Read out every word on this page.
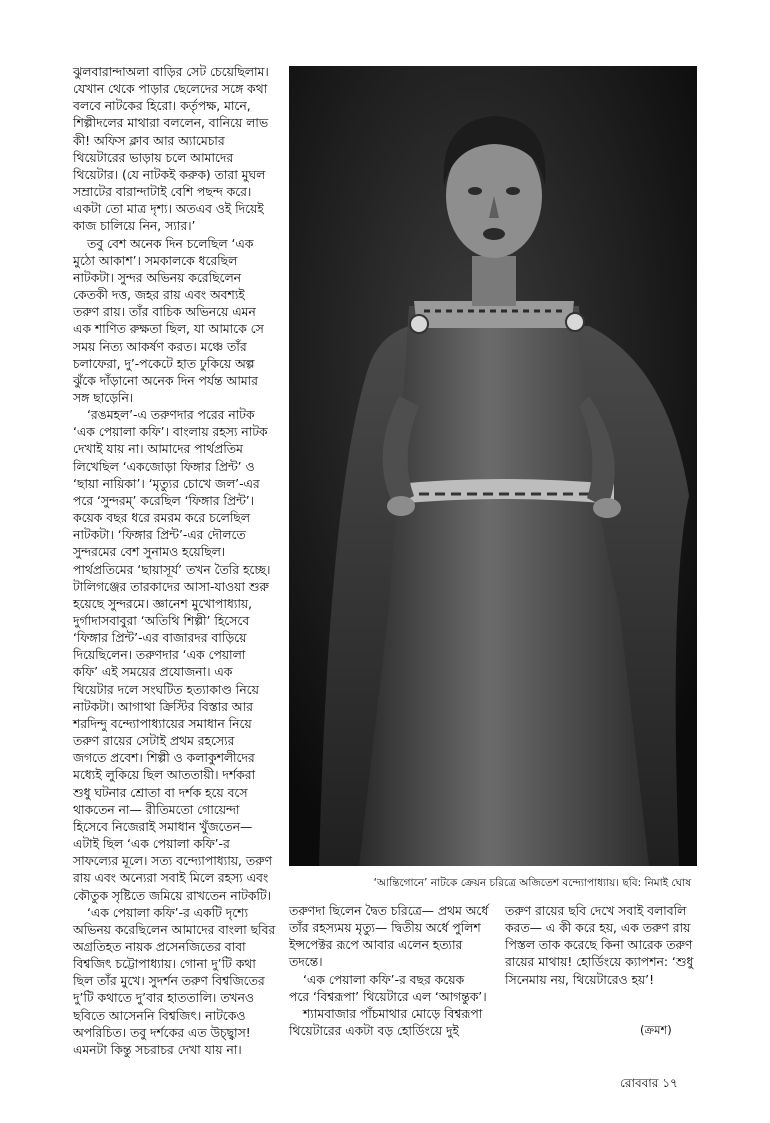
ঝুলবারান্দাঅলা বাড়ির সেট চেয়েছিলাম।
যেখান থেকে পাড়ার ছেলেদের সঙ্গে কথা
বলবে নাটকের হিরো। কর্তৃপক্ষ, মানে,
শিল্পীদলের মাথারা বললেন, বানিয়ে লাভ
কী! অফিস ক্লাব আর অ্যামেচার
থিয়েটারের ভাড়ায় চলে আমাদের
থিয়েটার। (যে নাটকই করুক) তারা মুঘল
সম্রাটের বারান্দাটাই বেশি পছন্দ করে।
একটা তো মাত্র দৃশ্য। অতএব ওই দিয়েই
কাজ চালিয়ে নিন, স্যার।’

তবু বেশ অনেক দিন চলেছিল ‘এক
মুঠো আকাশ’। সমকালকে ধরেছিল
নাটকটা। সুন্দর অভিনয় করেছিলেন
কেতকী দত্ত, জহর রায় এবং অবশ্যই
তরুণ রায়। তাঁর বাচিক অভিনয়ে এমন
এক শাণিত রুক্ষতা ছিল, যা আমাকে সে
সময় নিত্য আকর্ষণ করত। মঞ্চে তাঁর
চলাফেরা, দু’-পকেটে হাত ঢুকিয়ে অল্প
ঝুঁকে দাঁড়ানো অনেক দিন পর্যন্ত আমার
সঙ্গ ছাড়েনি।

‘রঙমহল’-এ তরুণদার পরের নাটক
‘এক পেয়ালা কফি’। বাংলায় রহস্য নাটক
দেখাই যায় না। আমাদের পার্থপ্রতিম
লিখেছিল ‘একজোড়া ফিঙ্গার প্রিন্ট’ ও
‘ছায়া নায়িকা’। ‘মৃত্যুর চোখে জল’-এর
পরে ‘সুন্দরম্‌’ করেছিল ‘ফিঙ্গার প্রিন্ট’।
কয়েক বছর ধরে রমরম করে চলেছিল
নাটকটা। ‘ফিঙ্গার প্রিন্ট’-এর দৌলতে
সুন্দরমের বেশ সুনামও হয়েছিল।
পার্থপ্রতিমের ‘ছায়াসূর্য’ তখন তৈরি হচ্ছে।
টালিগঞ্জের তারকাদের আসা-যাওয়া শুরু
হয়েছে সুন্দরমে। জ্ঞানেশ মুখোপাধ্যায়,
দুর্গাদাসবাবুরা ‘অতিথি শিল্পী’ হিসেবে
‘ফিঙ্গার প্রিন্ট’-এর বাজারদর বাড়িয়ে
দিয়েছিলেন। তরুণদার ‘এক পেয়ালা
কফি’ এই সময়ের প্রযোজনা। এক
থিয়েটার দলে সংঘটিত হত্যাকাণ্ড নিয়ে
নাটকটা। আগাথা ক্রিস্টির বিস্তার আর
শরদিন্দু বন্দ্যোপাধ্যায়ের সমাধান নিয়ে
তরুণ রায়ের সেটাই প্রথম রহস্যের
জগতে প্রবেশ। শিল্পী ও কলাকুশলীদের
মধ্যেই লুকিয়ে ছিল আততায়ী। দর্শকরা
শুধু ঘটনার শ্রোতা বা দর্শক হয়ে বসে
থাকতেন না— রীতিমতো গোয়েন্দা
হিসেবে নিজেরাই সমাধান খুঁজতেন—
এটাই ছিল ‘এক পেয়ালা কফি’-র
সাফল্যের মূলে। সত্য বন্দ্যোপাধ্যায়, তরুণ
রায় এবং অন্যেরা সবাই মিলে রহস্য এবং
কৌতুক সৃষ্টিতে জমিয়ে রাখতেন নাটকটি।

‘এক পেয়ালা কফি’-র একটি দৃশ্যে
অভিনয় করেছিলেন আমাদের বাংলা ছবির
অগ্রতিহত নায়ক প্রসেনজিতের বাবা
বিশ্বজিৎ চট্টোপাধ্যায়। গোনা দু’টি কথা
ছিল তাঁর মুখে। সুদর্শন তরুণ বিশ্বজিতের
দু’টি কথাতে দু’বার হাততালি। তখনও
ছবিতে আসেননি বিশ্বজিৎ। নাটকেও
অপরিচিত। তবু দর্শকের এত উচ্ছ্বাস!
এমনটা কিন্তু সচরাচর দেখা যায় না।

‘আন্তিগোনে’ নাটকে ক্রেয়ন চরিত্রে অজিতেশ বন্দ্যোপাধ্যায়। ছবি: নিমাই ঘোষ
তরুণদা ছিলেন দ্বৈত চরিত্রে— প্রথম অর্ধে
তাঁর রহস্যময় মৃত্যু— দ্বিতীয় অর্ধে পুলিশ
ইন্সপেক্টর রূপে আবার এলেন হত্যার
তদন্তে।
‘এক পেয়ালা কফি’-র বছর কয়েক
পরে ‘বিশ্বরূপা’ থিয়েটারে এল ‘আগন্তুক’।
শ্যামবাজার পাঁচমাথার মোড়ে বিশ্বরূপা
থিয়েটারের একটা বড় হোর্ডিংয়ে দুই
তরুণ রায়ের ছবি দেখে সবাই বলাবলি
করত— এ কী করে হয়, এক তরুণ রায়
পিস্তল তাক করেছে কিনা আরেক তরুণ
রায়ের মাথায়! হোর্ডিংয়ে ক্যাপশন: ‘শুধু
সিনেমায় নয়, থিয়েটারেও হয়’!
(ক্রমশ)
রোববার ১৭
